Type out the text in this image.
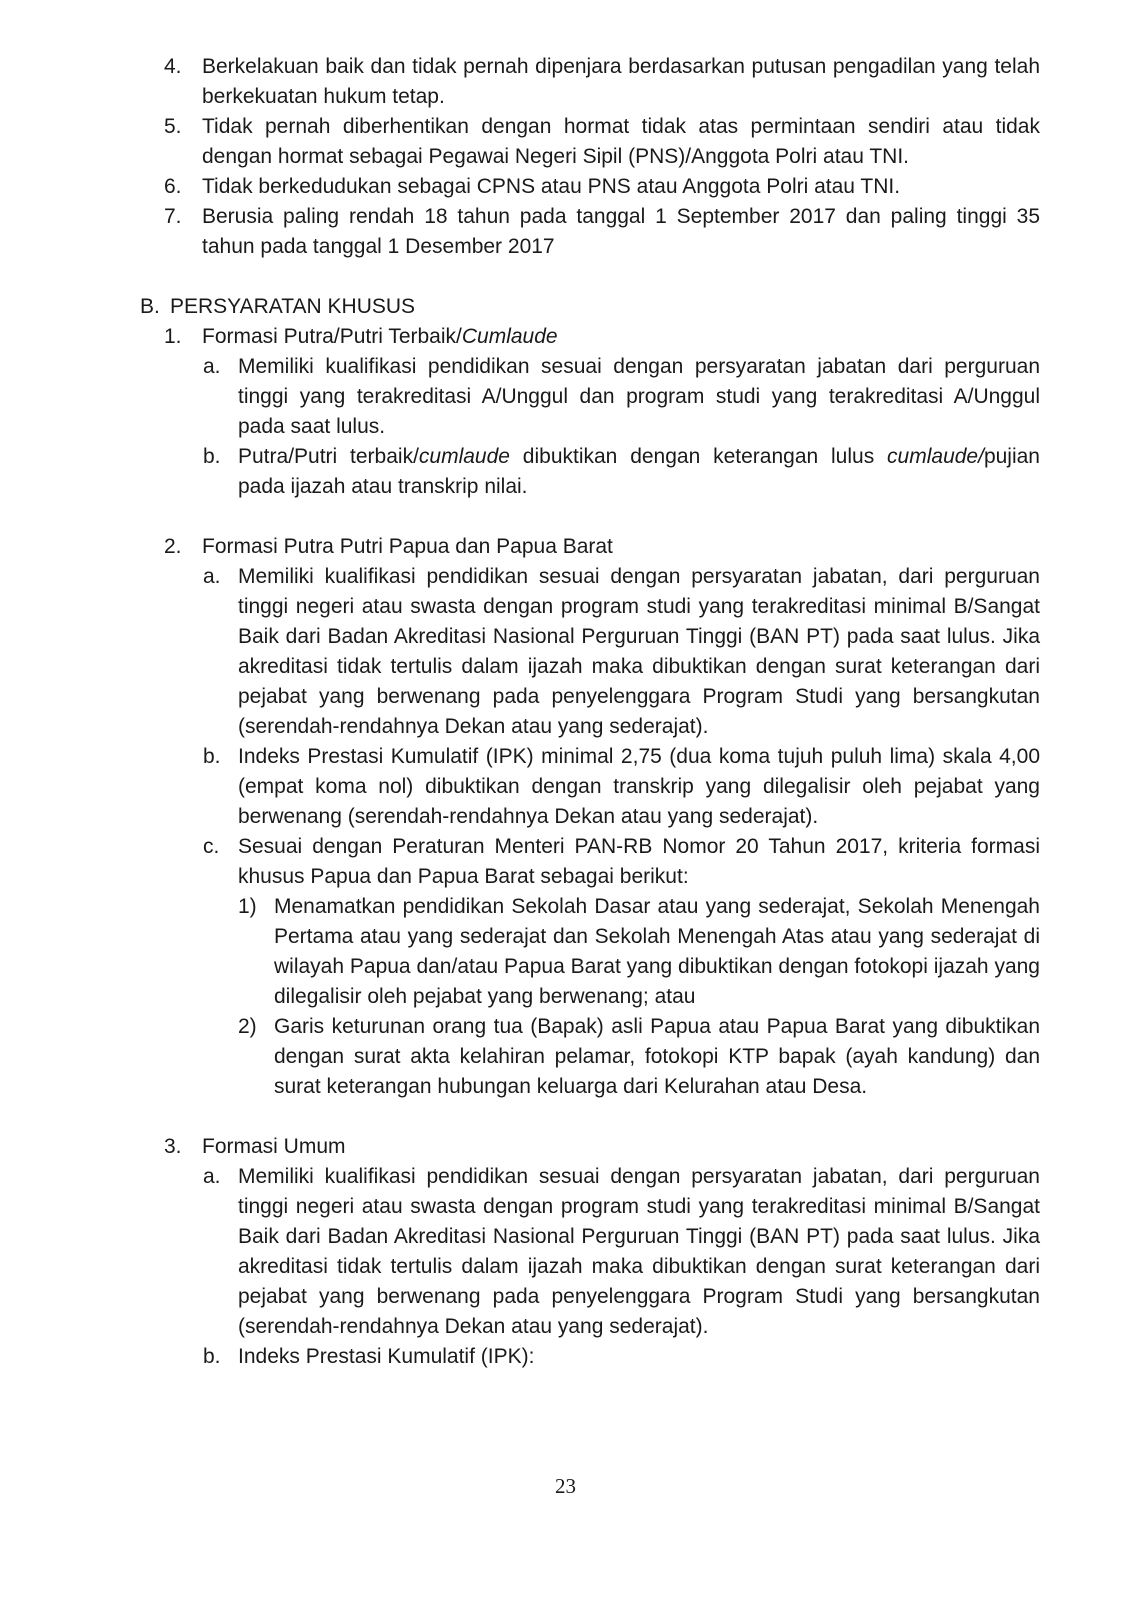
4. Berkelakuan baik dan tidak pernah dipenjara berdasarkan putusan pengadilan yang telah berkekuatan hukum tetap.
5. Tidak pernah diberhentikan dengan hormat tidak atas permintaan sendiri atau tidak dengan hormat sebagai Pegawai Negeri Sipil (PNS)/Anggota Polri atau TNI.
6. Tidak berkedudukan sebagai CPNS atau PNS atau Anggota Polri atau TNI.
7. Berusia paling rendah 18 tahun pada tanggal 1 September 2017 dan paling tinggi 35 tahun pada tanggal 1 Desember 2017
B. PERSYARATAN KHUSUS
1. Formasi Putra/Putri Terbaik/Cumlaude
a. Memiliki kualifikasi pendidikan sesuai dengan persyaratan jabatan dari perguruan tinggi yang terakreditasi A/Unggul dan program studi yang terakreditasi A/Unggul pada saat lulus.
b. Putra/Putri terbaik/cumlaude dibuktikan dengan keterangan lulus cumlaude/pujian pada ijazah atau transkrip nilai.
2. Formasi Putra Putri Papua dan Papua Barat
a. Memiliki kualifikasi pendidikan sesuai dengan persyaratan jabatan, dari perguruan tinggi negeri atau swasta dengan program studi yang terakreditasi minimal B/Sangat Baik dari Badan Akreditasi Nasional Perguruan Tinggi (BAN PT) pada saat lulus. Jika akreditasi tidak tertulis dalam ijazah maka dibuktikan dengan surat keterangan dari pejabat yang berwenang pada penyelenggara Program Studi yang bersangkutan (serendah-rendahnya Dekan atau yang sederajat).
b. Indeks Prestasi Kumulatif (IPK) minimal 2,75 (dua koma tujuh puluh lima) skala 4,00 (empat koma nol) dibuktikan dengan transkrip yang dilegalisir oleh pejabat yang berwenang (serendah-rendahnya Dekan atau yang sederajat).
c. Sesuai dengan Peraturan Menteri PAN-RB Nomor 20 Tahun 2017, kriteria formasi khusus Papua dan Papua Barat sebagai berikut:
1) Menamatkan pendidikan Sekolah Dasar atau yang sederajat, Sekolah Menengah Pertama atau yang sederajat dan Sekolah Menengah Atas atau yang sederajat di wilayah Papua dan/atau Papua Barat yang dibuktikan dengan fotokopi ijazah yang dilegalisir oleh pejabat yang berwenang; atau
2) Garis keturunan orang tua (Bapak) asli Papua atau Papua Barat yang dibuktikan dengan surat akta kelahiran pelamar, fotokopi KTP bapak (ayah kandung) dan surat keterangan hubungan keluarga dari Kelurahan atau Desa.
3. Formasi Umum
a. Memiliki kualifikasi pendidikan sesuai dengan persyaratan jabatan, dari perguruan tinggi negeri atau swasta dengan program studi yang terakreditasi minimal B/Sangat Baik dari Badan Akreditasi Nasional Perguruan Tinggi (BAN PT) pada saat lulus. Jika akreditasi tidak tertulis dalam ijazah maka dibuktikan dengan surat keterangan dari pejabat yang berwenang pada penyelenggara Program Studi yang bersangkutan (serendah-rendahnya Dekan atau yang sederajat).
b. Indeks Prestasi Kumulatif (IPK):
23
